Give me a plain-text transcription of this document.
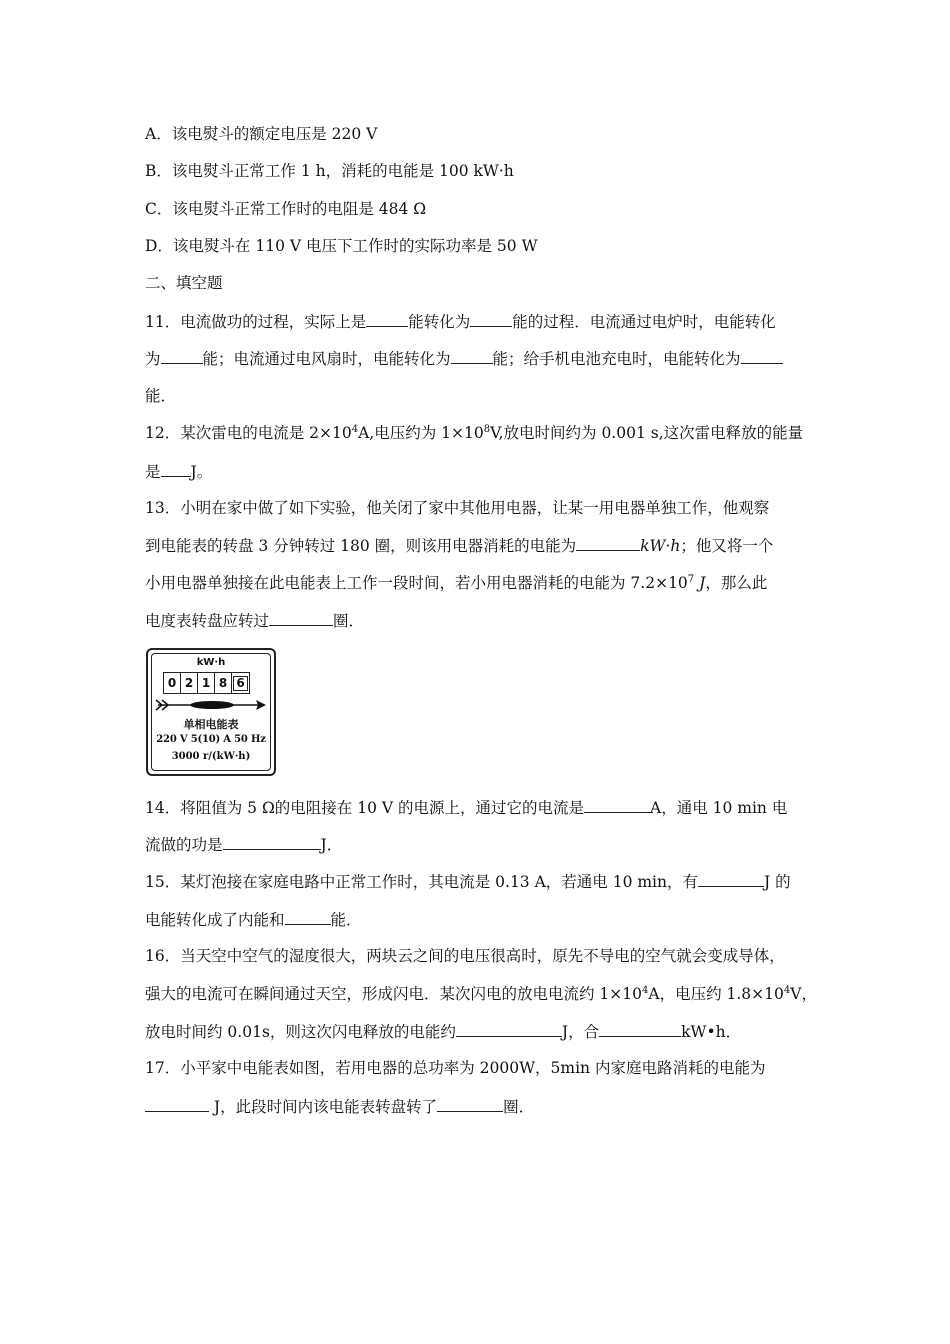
A．该电熨斗的额定电压是 220 V
B．该电熨斗正常工作 1 h，消耗的电能是 100 kW·h
C．该电熨斗正常工作时的电阻是 484 Ω
D．该电熨斗在 110 V 电压下工作时的实际功率是 50 W
二、填空题
11．电流做功的过程，实际上是	能转化为	能的过程．电流通过电炉时，电能转化
为	能；电流通过电风扇时，电能转化为	能；给手机电池充电时，电能转化为
能．
12．某次雷电的电流是 $2\times 10^4A$,电压约为 $1\times 10^8V$,放电时间约为 0.001 s,这次雷电释放的能量
是 J。
13．小明在家中做了如下实验，他关闭了家中其他用电器，让某一用电器单独工作，他观察
到电能表的转盘 3 分钟转过 180 圈，则该用电器消耗的电能为	kW·h；他又将一个
小用电器单独接在此电能表上工作一段时间，若小用电器消耗的电能为 $7.2\times 10^7$ J，那么此
电度表转盘应转过	圈．
kW·h
0 2 1 8 6
单相电能表
220 V 5(10) A 50 Hz
3000 r/(kW·h)
14．将阻值为 5 Ω的电阻接在 10 V 的电源上，通过它的电流是	A，通电 10 min 电
流做的功是	J．
15．某灯泡接在家庭电路中正常工作时，其电流是 0.13 A，若通电 10 min，有	J 的
电能转化成了内能和	能．
16．当天空中空气的湿度很大，两块云之间的电压很高时，原先不导电的空气就会变成导体，
强大的电流可在瞬间通过天空，形成闪电．某次闪电的放电电流约 $1\times 10^4A$，电压约 $1.8\times 10^4V$，
放电时间约 0.01s，则这次闪电释放的电能约	J，合	kW•h．
17．小平家中电能表如图，若用电器的总功率为 2000W，5min 内家庭电路消耗的电能为
J，此段时间内该电能表转盘转了	圈．
